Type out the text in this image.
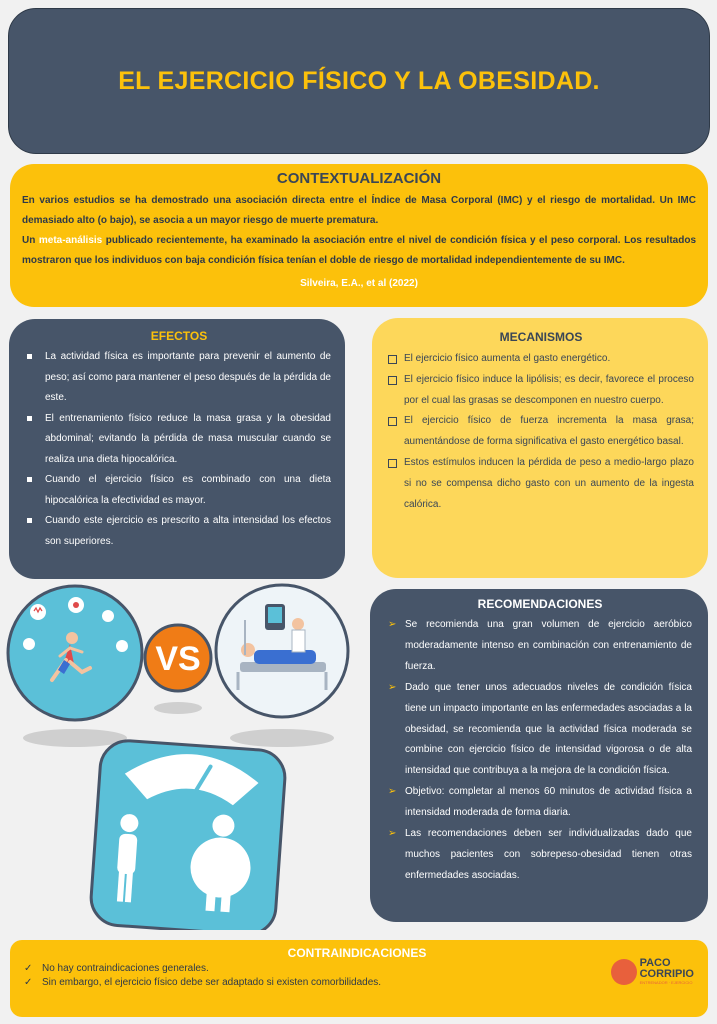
EL EJERCICIO FÍSICO Y LA OBESIDAD.
CONTEXTUALIZACIÓN

En varios estudios se ha demostrado una asociación directa entre el Índice de Masa Corporal (IMC) y el riesgo de mortalidad. Un IMC demasiado alto (o bajo), se asocia a un mayor riesgo de muerte prematura.

Un meta-análisis publicado recientemente, ha examinado la asociación entre el nivel de condición física y el peso corporal. Los resultados mostraron que los individuos con baja condición física tenían el doble de riesgo de mortalidad independientemente de su IMC.

Silveira, E.A., et al (2022)

EFECTOS
La actividad física es importante para prevenir el aumento de peso; así como para mantener el peso después de la pérdida de este.
El entrenamiento físico reduce la masa grasa y la obesidad abdominal; evitando la pérdida de masa muscular cuando se realiza una dieta hipocalórica.
Cuando el ejercicio físico es combinado con una dieta hipocalórica la efectividad es mayor.
Cuando este ejercicio es prescrito a alta intensidad los efectos son superiores.
MECANISMOS
El ejercicio físico aumenta el gasto energético.
El ejercicio físico induce la lipólisis; es decir, favorece el proceso por el cual las grasas se descomponen en nuestro cuerpo.
El ejercicio físico de fuerza incrementa la masa grasa; aumentándose de forma significativa el gasto energético basal.
Estos estímulos inducen la pérdida de peso a medio-largo plazo si no se compensa dicho gasto con un aumento de la ingesta calórica.
VS
RECOMENDACIONES
➢ Se recomienda una gran volumen de ejercicio aeróbico moderadamente intenso en combinación con entrenamiento de fuerza.
➢ Dado que tener unos adecuados niveles de condición física tiene un impacto importante en las enfermedades asociadas a la obesidad, se recomienda que la actividad física moderada se combine con ejercicio físico de intensidad vigorosa o de alta intensidad que contribuya a la mejora de la condición física.
➢ Objetivo: completar al menos 60 minutos de actividad física a intensidad moderada de forma diaria.
➢ Las recomendaciones deben ser individualizadas dado que muchos pacientes con sobrepeso-obesidad tienen otras enfermedades asociadas.
CONTRAINDICACIONES
✓ No hay contraindicaciones generales.
✓ Sin embargo, el ejercicio físico debe ser adaptado si existen comorbilidades.
PACO
CORRIPIO
ENTRENADOR · EJERCICIO
